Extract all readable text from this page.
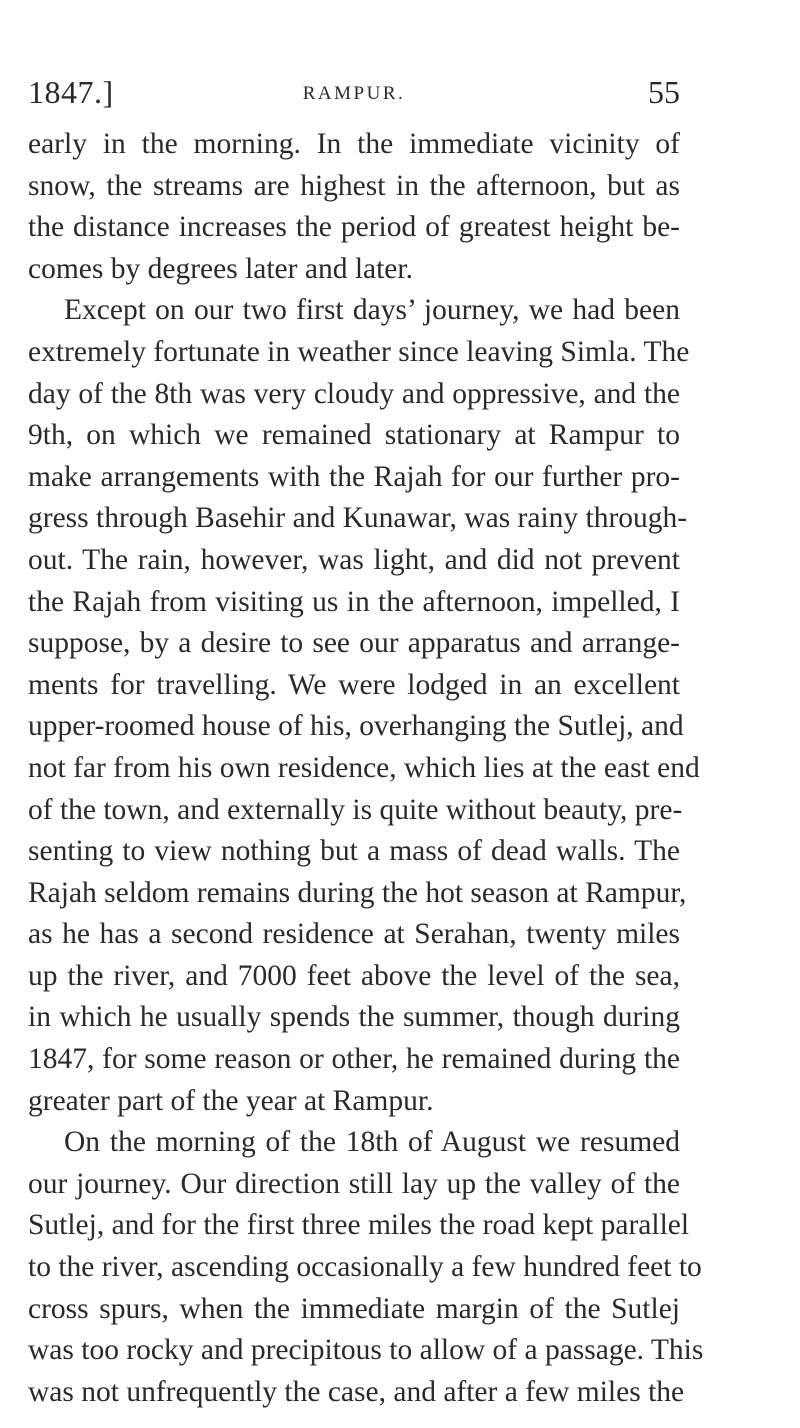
1847.]	RAMPUR.	55
early in the morning. In the immediate vicinity of
snow, the streams are highest in the afternoon, but as
the distance increases the period of greatest height be-
comes by degrees later and later.
Except on our two first days’ journey, we had been
extremely fortunate in weather since leaving Simla. The
day of the 8th was very cloudy and oppressive, and the
9th, on which we remained stationary at Rampur to
make arrangements with the Rajah for our further pro-
gress through Basehir and Kunawar, was rainy through-
out. The rain, however, was light, and did not prevent
the Rajah from visiting us in the afternoon, impelled, I
suppose, by a desire to see our apparatus and arrange-
ments for travelling. We were lodged in an excellent
upper-roomed house of his, overhanging the Sutlej, and
not far from his own residence, which lies at the east end
of the town, and externally is quite without beauty, pre-
senting to view nothing but a mass of dead walls. The
Rajah seldom remains during the hot season at Rampur,
as he has a second residence at Serahan, twenty miles
up the river, and 7000 feet above the level of the sea,
in which he usually spends the summer, though during
1847, for some reason or other, he remained during the
greater part of the year at Rampur.
On the morning of the 18th of August we resumed
our journey. Our direction still lay up the valley of the
Sutlej, and for the first three miles the road kept parallel
to the river, ascending occasionally a few hundred feet to
cross spurs, when the immediate margin of the Sutlej
was too rocky and precipitous to allow of a passage. This
was not unfrequently the case, and after a few miles the
